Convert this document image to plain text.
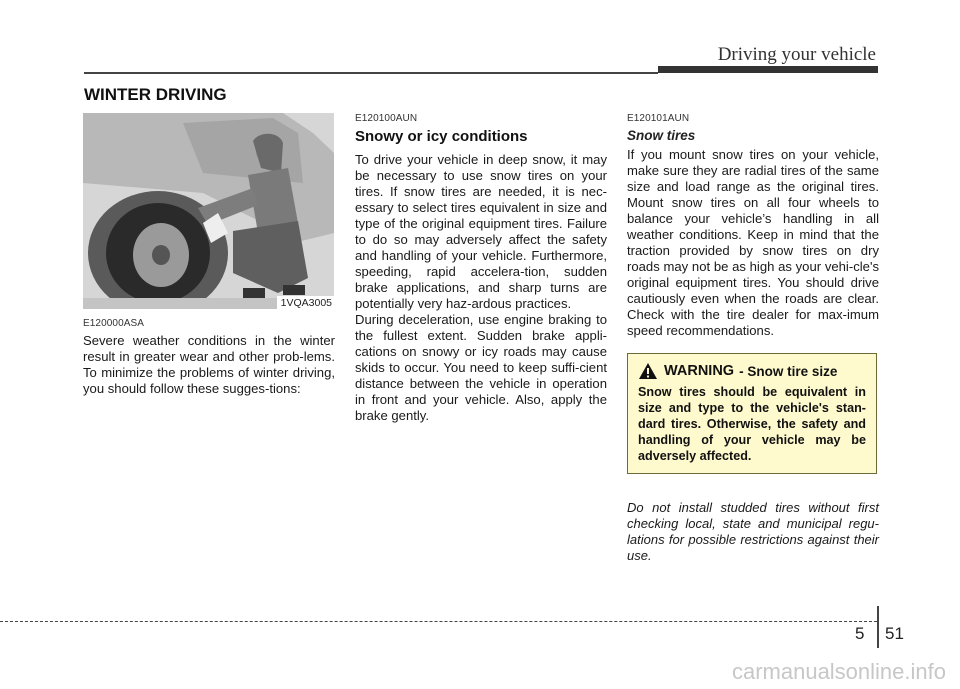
Driving your vehicle
WINTER DRIVING
1VQA3005

E120000ASA

Severe weather conditions in the winter result in greater wear and other prob-lems. To minimize the problems of winter driving, you should follow these sugges-tions:

E120100AUN

Snowy or icy conditions

To drive your vehicle in deep snow, it may be necessary to use snow tires on your tires. If snow tires are needed, it is nec-essary to select tires equivalent in size and type of the original equipment tires. Failure to do so may adversely affect the safety and handling of your vehicle. Furthermore, speeding, rapid accelera-tion, sudden brake applications, and sharp turns are potentially very haz-ardous practices.

During deceleration, use engine braking to the fullest extent. Sudden brake appli-cations on snowy or icy roads may cause skids to occur. You need to keep suffi-cient distance between the vehicle in operation in front and your vehicle. Also, apply the brake gently.

E120101AUN

Snow tires

If you mount snow tires on your vehicle, make sure they are radial tires of the same size and load range as the original tires. Mount snow tires on all four wheels to balance your vehicle’s handling in all weather conditions. Keep in mind that the traction provided by snow tires on dry roads may not be as high as your vehi-cle's original equipment tires. You should drive cautiously even when the roads are clear. Check with the tire dealer for max-imum speed recommendations.

WARNING - Snow tire size
Snow tires should be equivalent in size and type to the vehicle's stan-dard tires. Otherwise, the safety and handling of your vehicle may be adversely affected.

Do not install studded tires without first checking local, state and municipal regu-lations for possible restrictions against their use.

5 51
carmanualsonline.info
